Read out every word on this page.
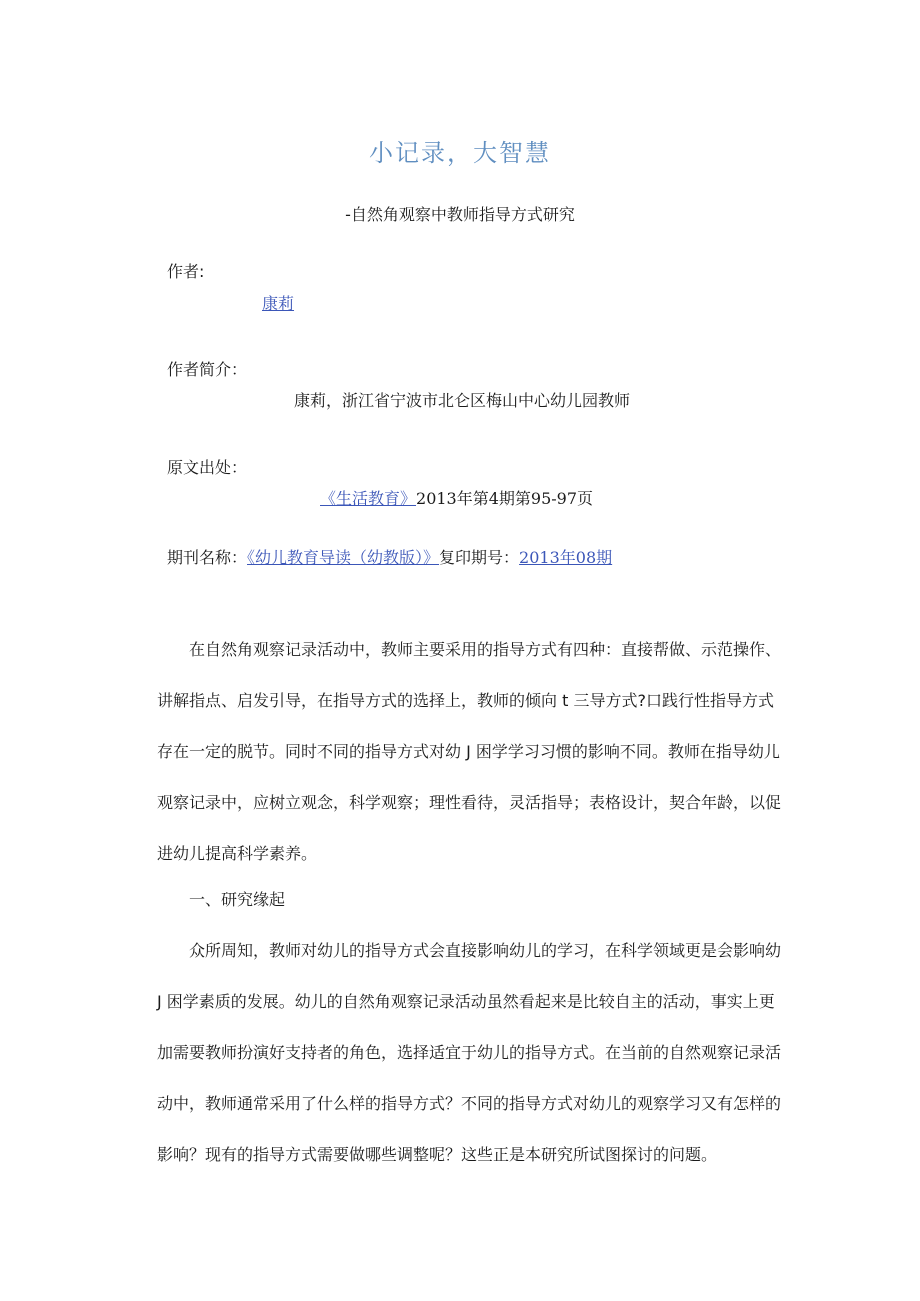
小记录，大智慧
-自然角观察中教师指导方式研究
作者:
康莉
作者简介：
康莉，浙江省宁波市北仑区梅山中心幼儿园教师
原文出处：
《生活教育》2013年第4期第95-97页
期刊名称：《幼儿教育导读（幼教版）》复印期号：2013年08期
在自然角观察记录活动中，教师主要采用的指导方式有四种：直接帮做、示范操作、
讲解指点、启发引导，在指导方式的选择上，教师的倾向 t 三导方式?口践行性指导方式
存在一定的脱节。同时不同的指导方式对幼 J 困学学习习惯的影响不同。教师在指导幼儿
观察记录中，应树立观念，科学观察；理性看待，灵活指导；表格设计，契合年龄，以促
进幼儿提高科学素养。
一、研究缘起
众所周知，教师对幼儿的指导方式会直接影响幼儿的学习，在科学领域更是会影响幼
J 困学素质的发展。幼儿的自然角观察记录活动虽然看起来是比较自主的活动，事实上更
加需要教师扮演好支持者的角色，选择适宜于幼儿的指导方式。在当前的自然观察记录活
动中，教师通常采用了什么样的指导方式？不同的指导方式对幼儿的观察学习又有怎样的
影响？现有的指导方式需要做哪些调整呢？这些正是本研究所试图探讨的问题。
